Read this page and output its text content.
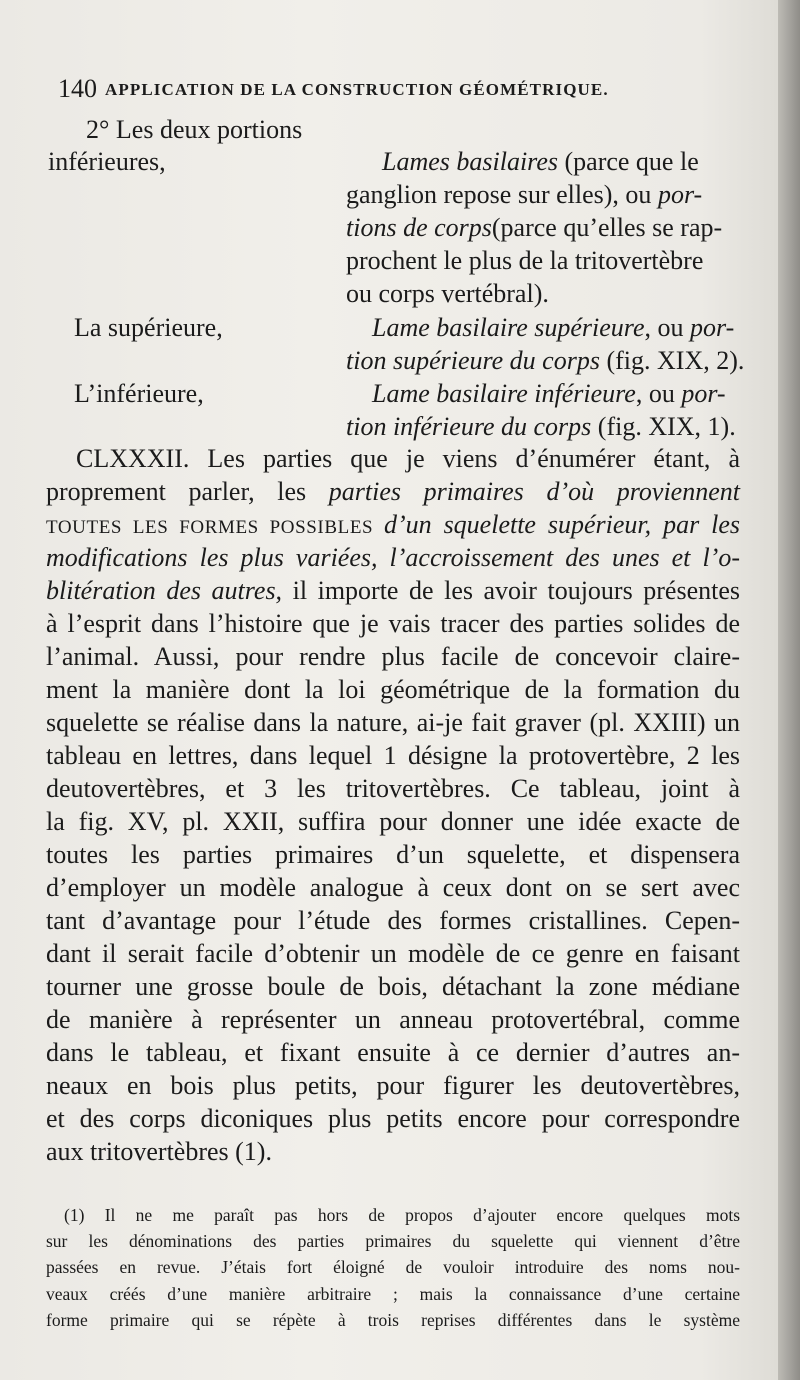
140 APPLICATION DE LA CONSTRUCTION GÉOMÉTRIQUE.
2° Les deux portions
inférieures,	Lames basilaires (parce que le
ganglion repose sur elles), ou por-
tions de corps(parce qu’elles se rap-
prochent le plus de la tritovertèbre
ou corps vertébral).
La supérieure,	Lame basilaire supérieure, ou por-
tion supérieure du corps (fig. XIX, 2).
L’inférieure,	Lame basilaire inférieure, ou por-
tion inférieure du corps (fig. XIX, 1).
CLXXXII. Les parties que je viens d’énumérer étant, à
proprement parler, les parties primaires d’où proviennent
TOUTES LES FORMES POSSIBLES d’un squelette supérieur, par les
modifications les plus variées, l’accroissement des unes et l’o-
blitération des autres, il importe de les avoir toujours présentes
à l’esprit dans l’histoire que je vais tracer des parties solides de
l’animal. Aussi, pour rendre plus facile de concevoir claire-
ment la manière dont la loi géométrique de la formation du
squelette se réalise dans la nature, ai-je fait graver (pl. XXIII) un
tableau en lettres, dans lequel 1 désigne la protovertèbre, 2 les
deutovertèbres, et 3 les tritovertèbres. Ce tableau, joint à
la fig. XV, pl. XXII, suffira pour donner une idée exacte de
toutes les parties primaires d’un squelette, et dispensera
d’employer un modèle analogue à ceux dont on se sert avec
tant d’avantage pour l’étude des formes cristallines. Cepen-
dant il serait facile d’obtenir un modèle de ce genre en faisant
tourner une grosse boule de bois, détachant la zone médiane
de manière à représenter un anneau protovertébral, comme
dans le tableau, et fixant ensuite à ce dernier d’autres an-
neaux en bois plus petits, pour figurer les deutovertèbres,
et des corps diconiques plus petits encore pour correspondre
aux tritovertèbres (1).
(1) Il ne me paraît pas hors de propos d’ajouter encore quelques mots
sur les dénominations des parties primaires du squelette qui viennent d’être
passées en revue. J’étais fort éloigné de vouloir introduire des noms nou-
veaux créés d’une manière arbitraire ; mais la connaissance d’une certaine
forme primaire qui se répète à trois reprises différentes dans le système
